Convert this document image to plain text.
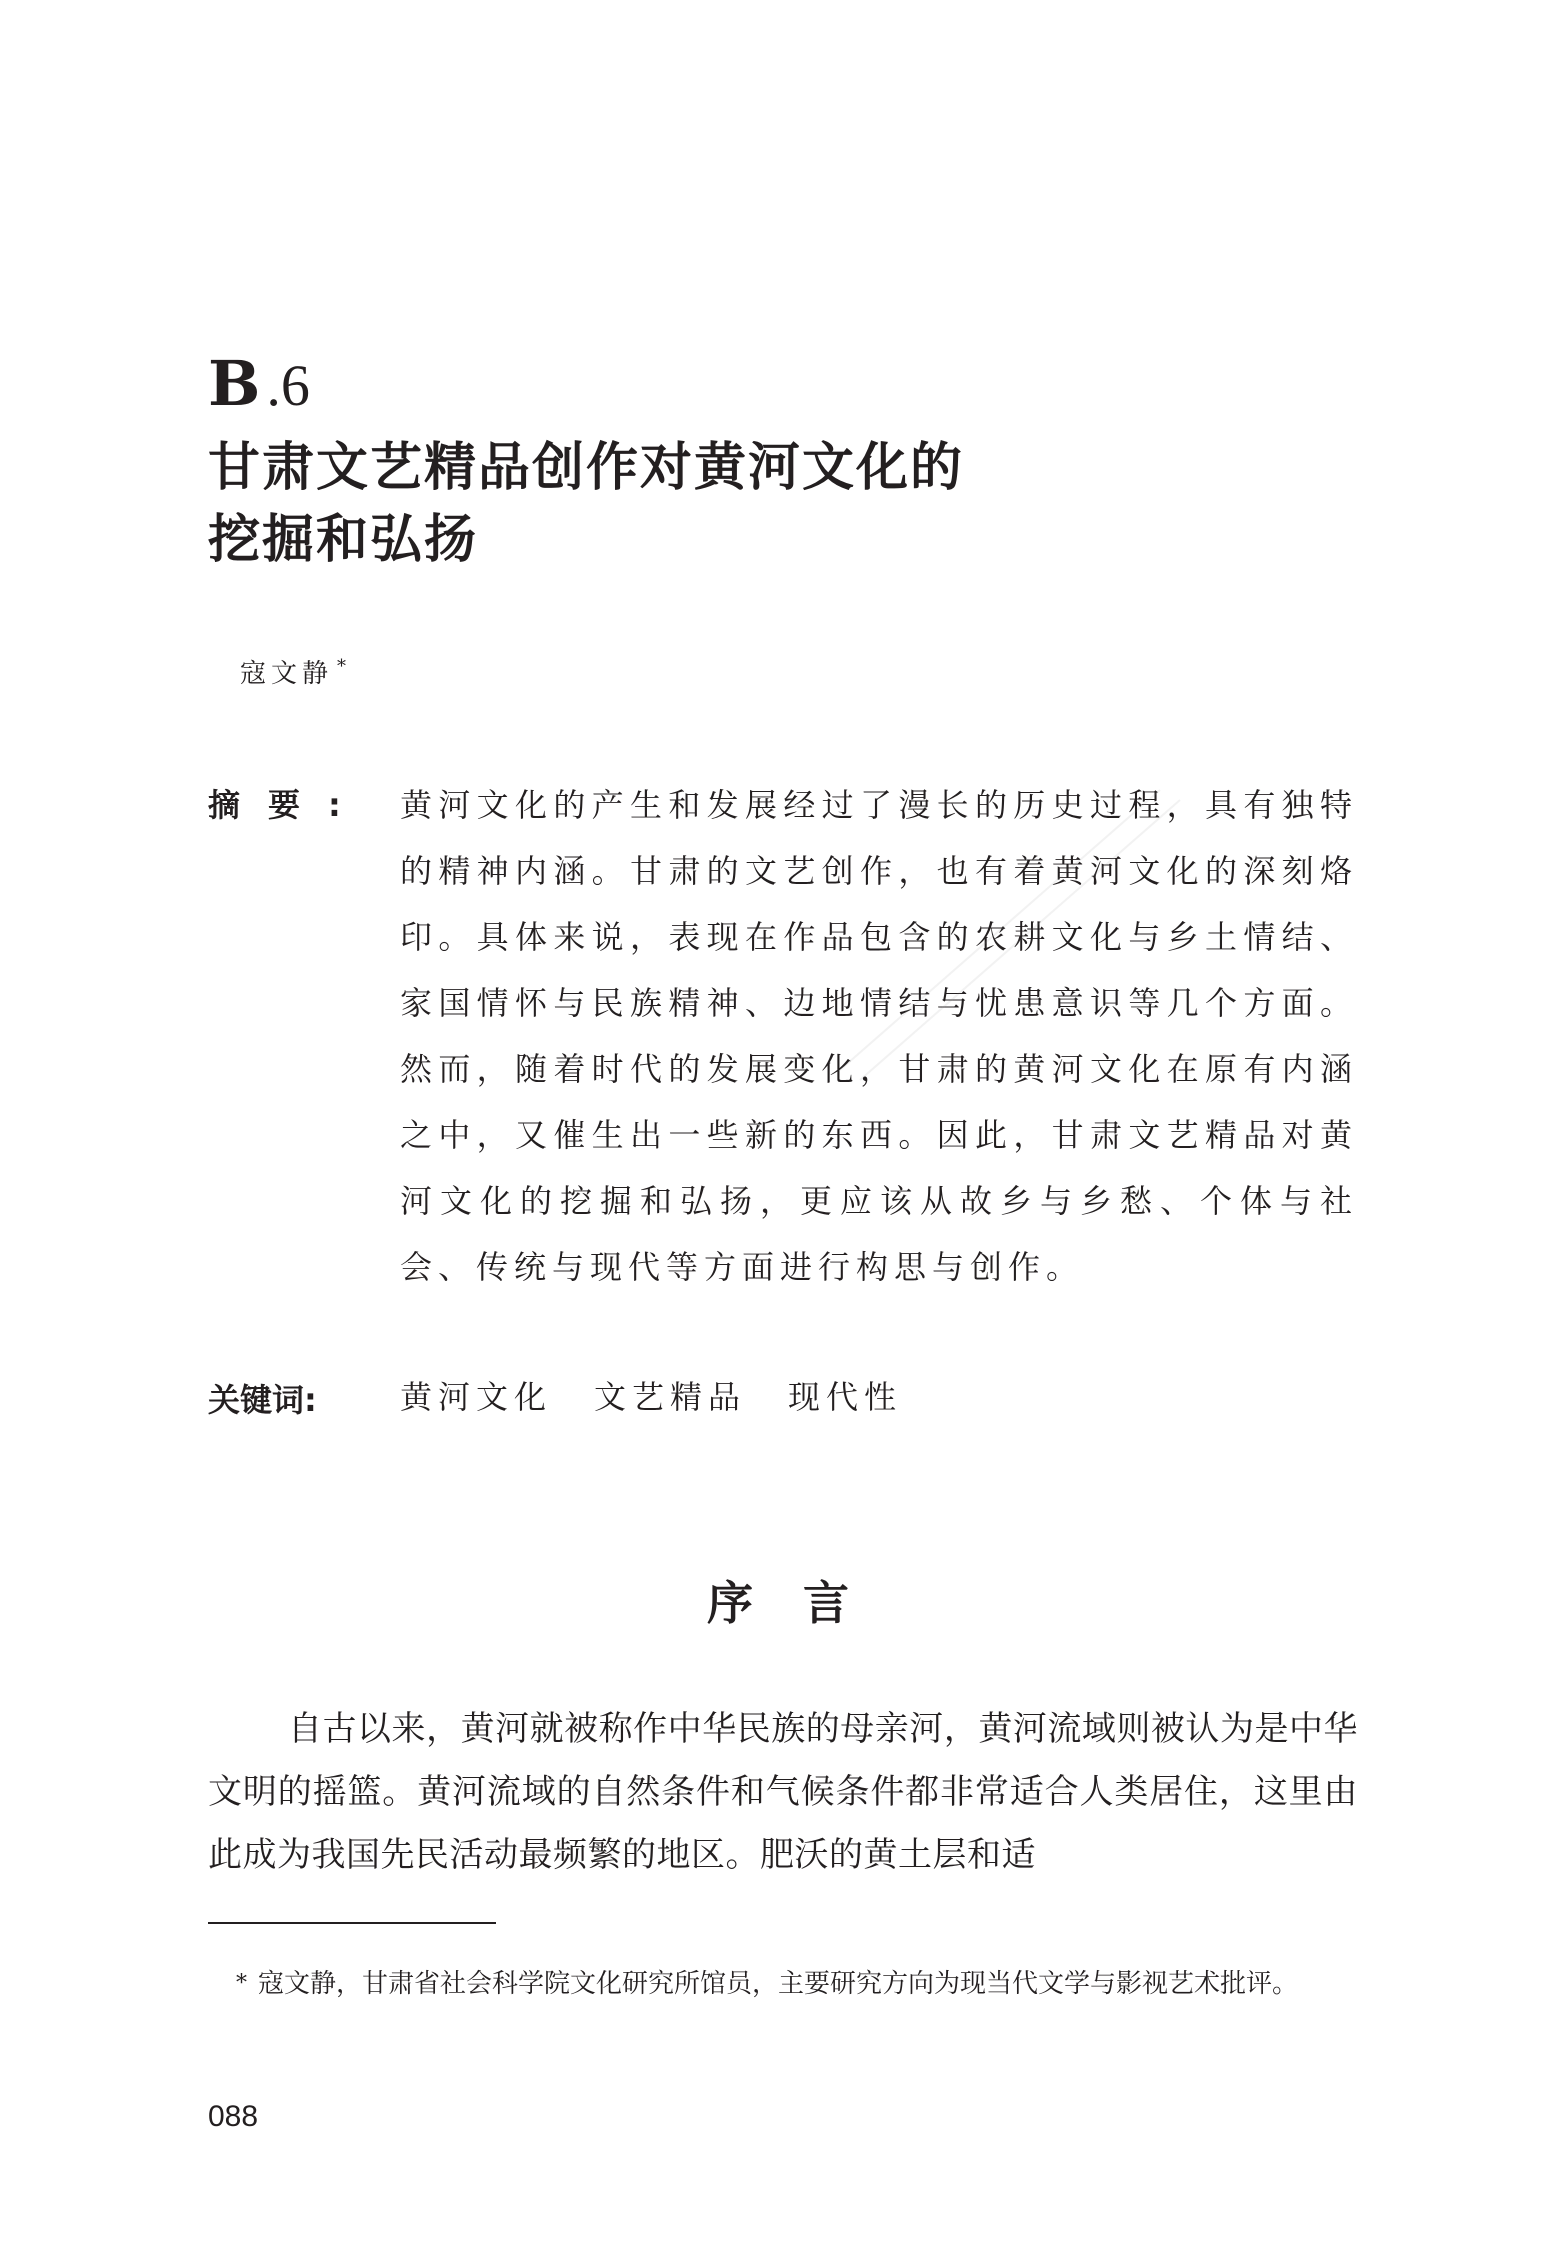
B .6
甘肃文艺精品创作对黄河文化的
挖掘和弘扬
寇文静 *
摘要: 黄河文化的产生和发展经过了漫长的历史过程，具有独特的精神内涵。甘肃的文艺创作，也有着黄河文化的深刻烙印。具体来说，表现在作品包含的农耕文化与乡土情结、家国情怀与民族精神、边地情结与忧患意识等几个方面。然而，随着时代的发展变化，甘肃的黄河文化在原有内涵之中，又催生出一些新的东西。因此，甘肃文艺精品对黄河文化的挖掘和弘扬，更应该从故乡与乡愁、个体与社会、传统与现代等方面进行构思与创作。
关键词:	黄河文化 文艺精品 现代性
序言
自古以来，黄河就被称作中华民族的母亲河，黄河流域则被认为是中华文明的摇篮。黄河流域的自然条件和气候条件都非常适合人类居住，这里由此成为我国先民活动最频繁的地区。肥沃的黄土层和适
* 寇文静，甘肃省社会科学院文化研究所馆员，主要研究方向为现当代文学与影视艺术批评。
088
